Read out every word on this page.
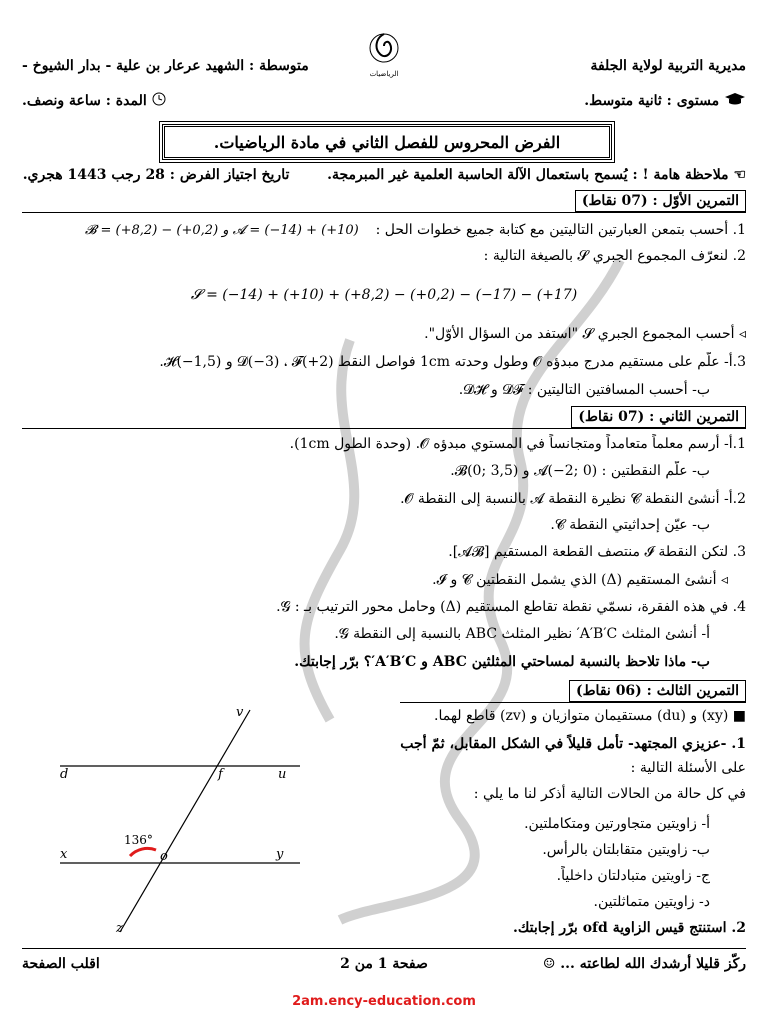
مديرية التربية لولاية الجلفة
متوسطة : الشهيد عرعار بن علية - بدار الشيوخ -	الرياضيات
مستوى : ثانية متوسط.
المدة : ساعة ونصف.
الفرض المحروس للفصل الثاني في مادة الرياضيات.
☜ ملاحظة هامة ! : يُسمح باستعمال الآلة الحاسبة العلمية غير المبرمجة.  تاريخ اجتياز الفرض : 28 رجب 1443 هجري.
التمرين الأوّل : (07 نقاط)
1. أحسب بتمعن العبارتين التاليتين مع كتابة جميع خطوات الحل :  𝓑 = (+8,2) − (+0,2) و 𝓐 = (−14) + (+10)
2. لنعرّف المجموع الجبري 𝓢 بالصيغة التالية :
𝓢 = (−14) + (+10) + (+8,2) − (+0,2) − (−17) − (+17)
◃ أحسب المجموع الجبري 𝓢 "استفد من السؤال الأوّل".
3.أ- علّم على مستقيم مدرج مبدؤه 𝓞 وطول وحدته 1cm فواصل النقط 𝓓(−3) ، 𝓕(+2) و 𝓗(−1,5).
ب- أحسب المسافتين التاليتين : 𝓓𝓕 و 𝓓𝓗.
التمرين الثاني : (07 نقاط)
1.أ- أرسم معلماً متعامداً ومتجانساً في المستوي مبدؤه 𝓞. (وحدة الطول 1cm).
ب- علّم النقطتين : 𝓐(−2; 0) و 𝓑(0; 3,5).
2.أ- أنشئ النقطة 𝓒 نظيرة النقطة 𝓐 بالنسبة إلى النقطة 𝓞.
ب- عيّن إحداثيتي النقطة 𝓒.
3. لتكن النقطة 𝓘 منتصف القطعة المستقيم [𝓐𝓑].
◃ أنشئ المستقيم (Δ) الذي يشمل النقطتين 𝓒 و 𝓘.
4. في هذه الفقرة، نسمّي نقطة تقاطع المستقيم (Δ) وحامل محور الترتيب بـ : 𝓖.
أ- أنشئ المثلث A′B′C′ نظير المثلث ABC بالنسبة إلى النقطة 𝓖.
ب- ماذا تلاحظ بالنسبة لمساحتي المثلثين ABC و A′B′C′؟ برّر إجابتك.
التمرين الثالث : (06 نقاط)
■ (xy) و (du) مستقيمان متوازيان و (zv) قاطع لهما.
1. -عزيزي المجتهد- تأمل قليلاً في الشكل المقابل، ثمّ أجب
على الأسئلة التالية :
في كل حالة من الحالات التالية أذكر لنا ما يلي :
أ- زاويتين متجاورتين ومتكاملتين.
ب- زاويتين متقابلتان بالرأس.
ج- زاويتين متبادلتان داخلياً.
د- زاويتين متماثلتين.
2. استنتج قيس الزاوية ofd برّر إجابتك.
v
d	f	u
x	o	y
z
136°
ركّز قليلا أرشدك الله لطاعته ... ☺
صفحة 1 من 2
اقلب الصفحة
2am.ency-education.com
